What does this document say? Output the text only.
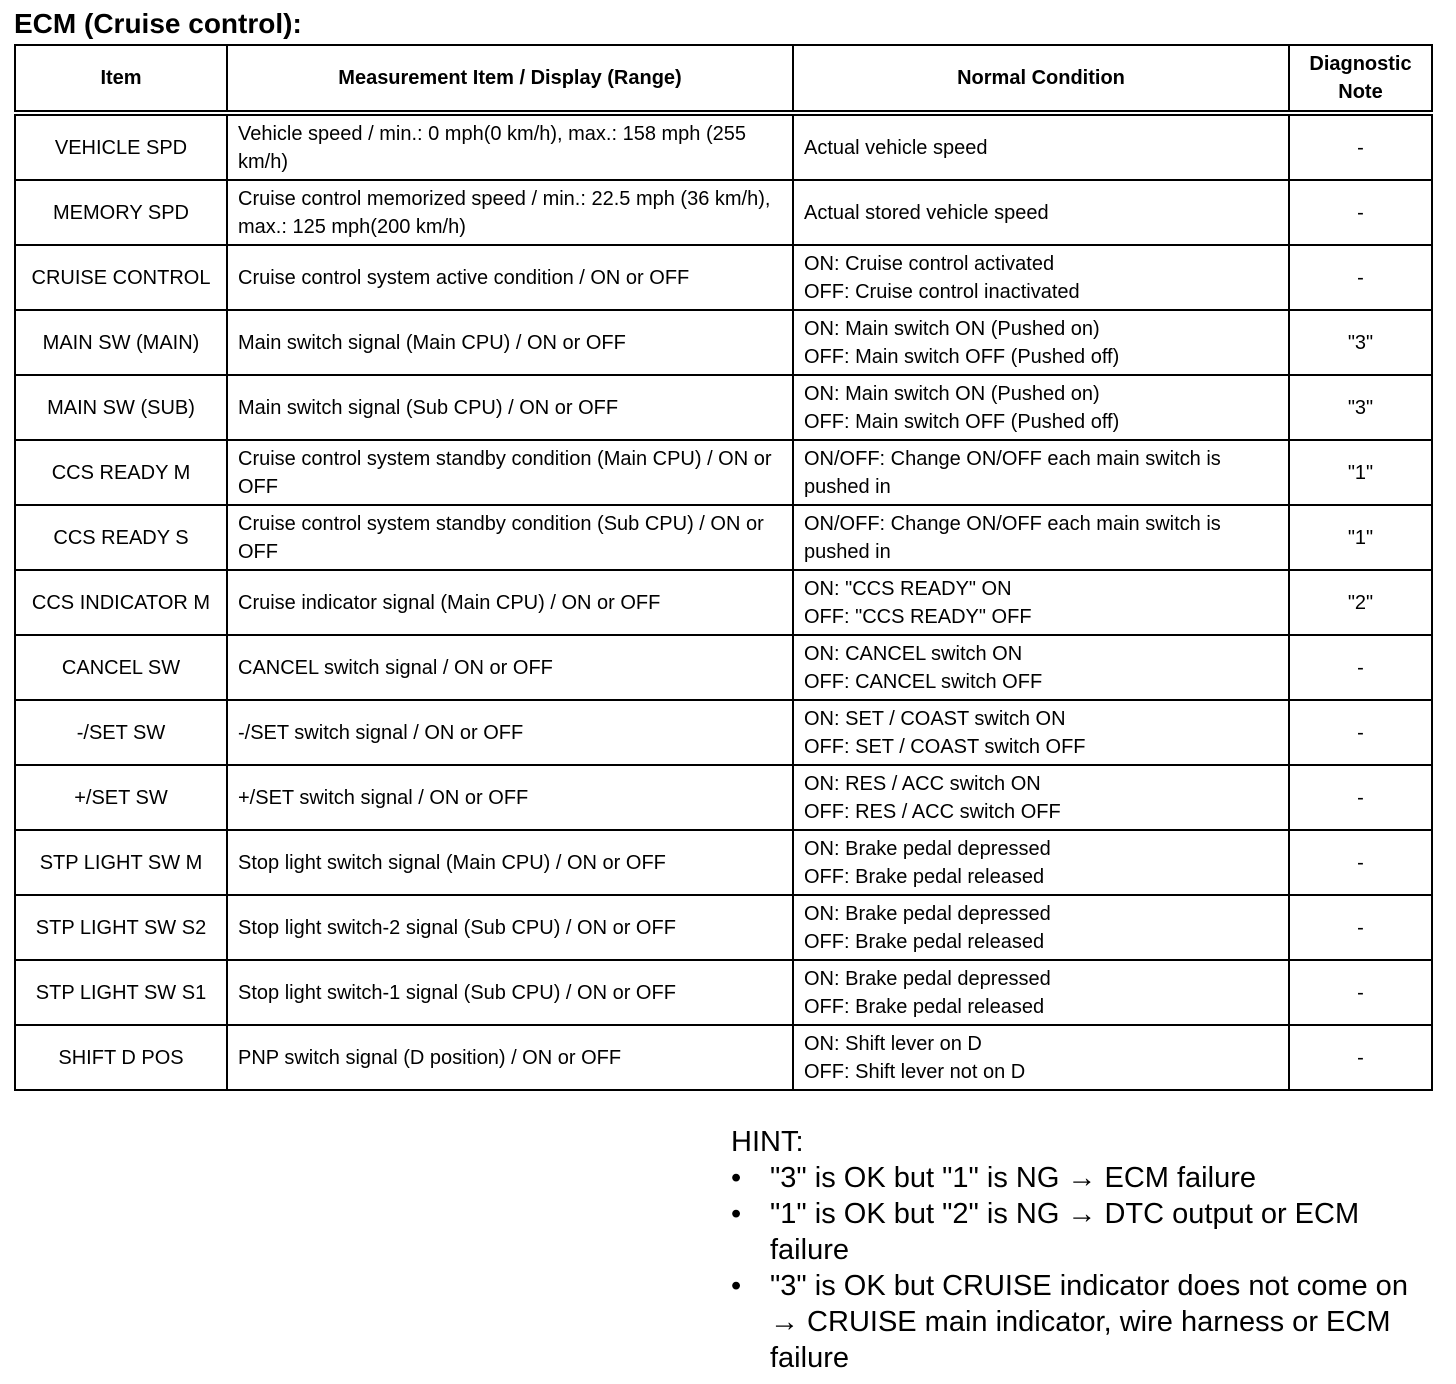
ECM (Cruise control):
Item	Measurement Item / Display (Range)	Normal Condition	Diagnostic Note
VEHICLE SPD	Vehicle speed / min.: 0 mph(0 km/h), max.: 158 mph (255 km/h)	Actual vehicle speed	-
MEMORY SPD	Cruise control memorized speed / min.: 22.5 mph (36 km/h), max.: 125 mph(200 km/h)	Actual stored vehicle speed	-
CRUISE CONTROL	Cruise control system active condition / ON or OFF	ON: Cruise control activated
OFF: Cruise control inactivated	-
MAIN SW (MAIN)	Main switch signal (Main CPU) / ON or OFF	ON: Main switch ON (Pushed on)
OFF: Main switch OFF (Pushed off)	"3"
MAIN SW (SUB)	Main switch signal (Sub CPU) / ON or OFF	ON: Main switch ON (Pushed on)
OFF: Main switch OFF (Pushed off)	"3"
CCS READY M	Cruise control system standby condition (Main CPU) / ON or OFF	ON/OFF: Change ON/OFF each main switch is pushed in	"1"
CCS READY S	Cruise control system standby condition (Sub CPU) / ON or OFF	ON/OFF: Change ON/OFF each main switch is pushed in	"1"
CCS INDICATOR M	Cruise indicator signal (Main CPU) / ON or OFF	ON: "CCS READY" ON
OFF: "CCS READY" OFF	"2"
CANCEL SW	CANCEL switch signal / ON or OFF	ON: CANCEL switch ON
OFF: CANCEL switch OFF	-
-/SET SW	-/SET switch signal / ON or OFF	ON: SET / COAST switch ON
OFF: SET / COAST switch OFF	-
+/SET SW	+/SET switch signal / ON or OFF	ON: RES / ACC switch ON
OFF: RES / ACC switch OFF	-
STP LIGHT SW M	Stop light switch signal (Main CPU) / ON or OFF	ON: Brake pedal depressed
OFF: Brake pedal released	-
STP LIGHT SW S2	Stop light switch-2 signal (Sub CPU) / ON or OFF	ON: Brake pedal depressed
OFF: Brake pedal released	-
STP LIGHT SW S1	Stop light switch-1 signal (Sub CPU) / ON or OFF	ON: Brake pedal depressed
OFF: Brake pedal released	-
SHIFT D POS	PNP switch signal (D position) / ON or OFF	ON: Shift lever on D
OFF: Shift lever not on D	-
HINT:
• "3" is OK but "1" is NG → ECM failure
• "1" is OK but "2" is NG → DTC output or ECM failure
• "3" is OK but CRUISE indicator does not come on → CRUISE main indicator, wire harness or ECM failure
